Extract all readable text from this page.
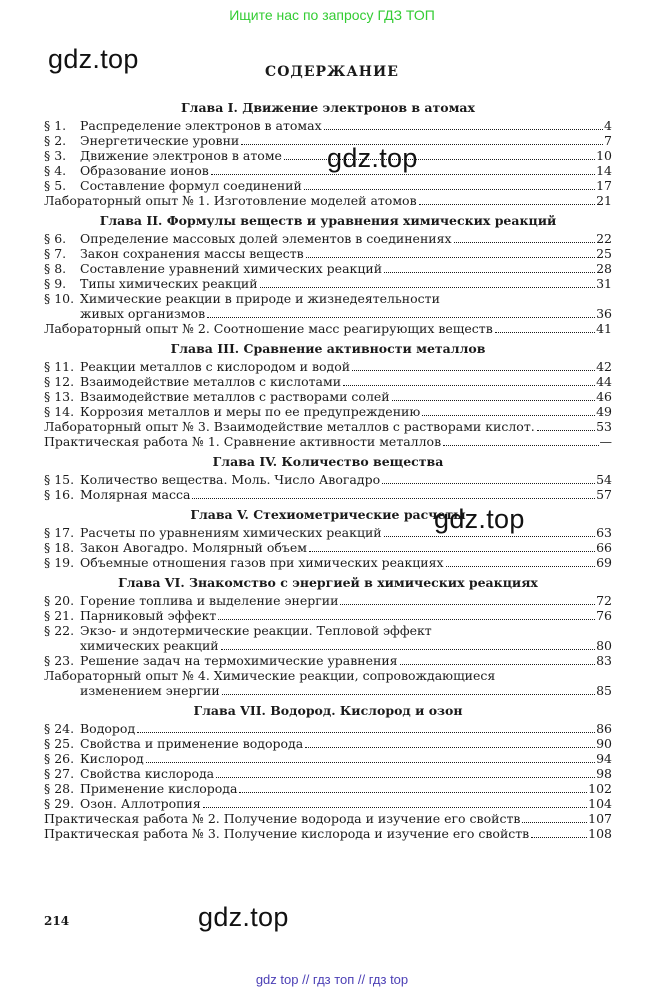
Ищите нас по запросу ГДЗ ТОП
gdz.top
gdz.top
gdz.top
gdz.top
СОДЕРЖАНИЕ
Глава I. Движение электронов в атомах
§ 1.	Распределение электронов в атомах	4
§ 2.	Энергетические уровни	7
§ 3.	Движение электронов в атоме	10
§ 4.	Образование ионов	14
§ 5.	Составление формул соединений	17
Лабораторный опыт № 1. Изготовление моделей атомов	21
Глава II. Формулы веществ и уравнения химических реакций
§ 6.	Определение массовых долей элементов в соединениях	22
§ 7.	Закон сохранения массы веществ	25
§ 8.	Составление уравнений химических реакций	28
§ 9.	Типы химических реакций	31
§ 10. Химические реакции в природе и жизнедеятельности
живых организмов	36
Лабораторный опыт № 2. Соотношение масс реагирующих веществ	41
Глава III. Сравнение активности металлов
§ 11. Реакции металлов с кислородом и водой	42
§ 12. Взаимодействие металлов с кислотами	44
§ 13. Взаимодействие металлов с растворами солей	46
§ 14. Коррозия металлов и меры по ее предупреждению	49
Лабораторный опыт № 3. Взаимодействие металлов с растворами кислот.	53
Практическая работа № 1. Сравнение активности металлов	—
Глава IV. Количество вещества
§ 15. Количество вещества. Моль. Число Авогадро	54
§ 16. Молярная масса	57
Глава V. Стехиометрические расчеты
§ 17. Расчеты по уравнениям химических реакций	63
§ 18. Закон Авогадро. Молярный объем	66
§ 19. Объемные отношения газов при химических реакциях	69
Глава VI. Знакомство с энергией в химических реакциях
§ 20. Горение топлива и выделение энергии	72
§ 21. Парниковый эффект	76
§ 22. Экзо- и эндотермические реакции. Тепловой эффект
химических реакций	80
§ 23. Решение задач на термохимические уравнения	83
Лабораторный опыт № 4. Химические реакции, сопровождающиеся
изменением энергии	85
Глава VII. Водород. Кислород и озон
§ 24. Водород	86
§ 25. Свойства и применение водорода	90
§ 26. Кислород	94
§ 27. Свойства кислорода	98
§ 28. Применение кислорода	102
§ 29. Озон. Аллотропия	104
Практическая работа № 2. Получение водорода и изучение его свойств	107
Практическая работа № 3. Получение кислорода и изучение его свойств	108
214
gdz top // гдз топ // гдз top
